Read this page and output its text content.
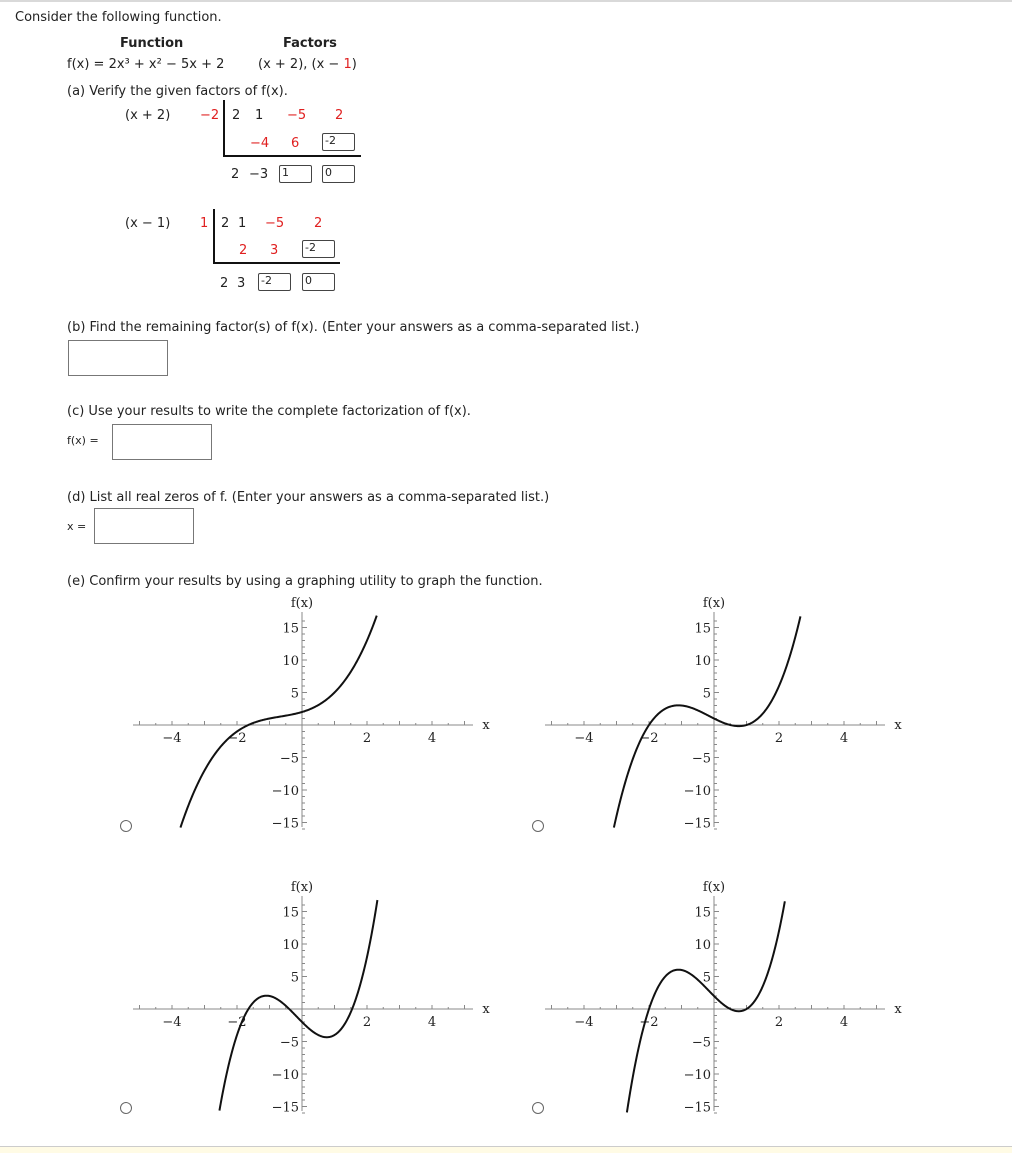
Consider the following function.
Function	Factors
f(x) = 2x³ + x² − 5x + 2	(x + 2), (x − 1)
(a) Verify the given factors of f(x).
(x + 2) −2 2 1 −5 2
−4 6 -2
2 −3 1	0
(x − 1) 1 2 1 −5 2
2 3 -2
2 3 -2	0
(b) Find the remaining factor(s) of f(x). (Enter your answers as a comma-separated list.)
(c) Use your results to write the complete factorization of f(x).
f(x) =
(d) List all real zeros of f. (Enter your answers as a comma-separated list.)
x =
(e) Confirm your results by using a graphing utility to graph the function.
−4	−2	2	4
15
10
5
−5
−10
−15
f(x)
x
−4	−2	2	4
15
10
5
−5
−10
−15
f(x)
x
−4	−2	2	4
15
10
5
−5
−10
−15
f(x)
x
−4	−2	2	4
15
10
5
−5
−10
−15
f(x)
x
